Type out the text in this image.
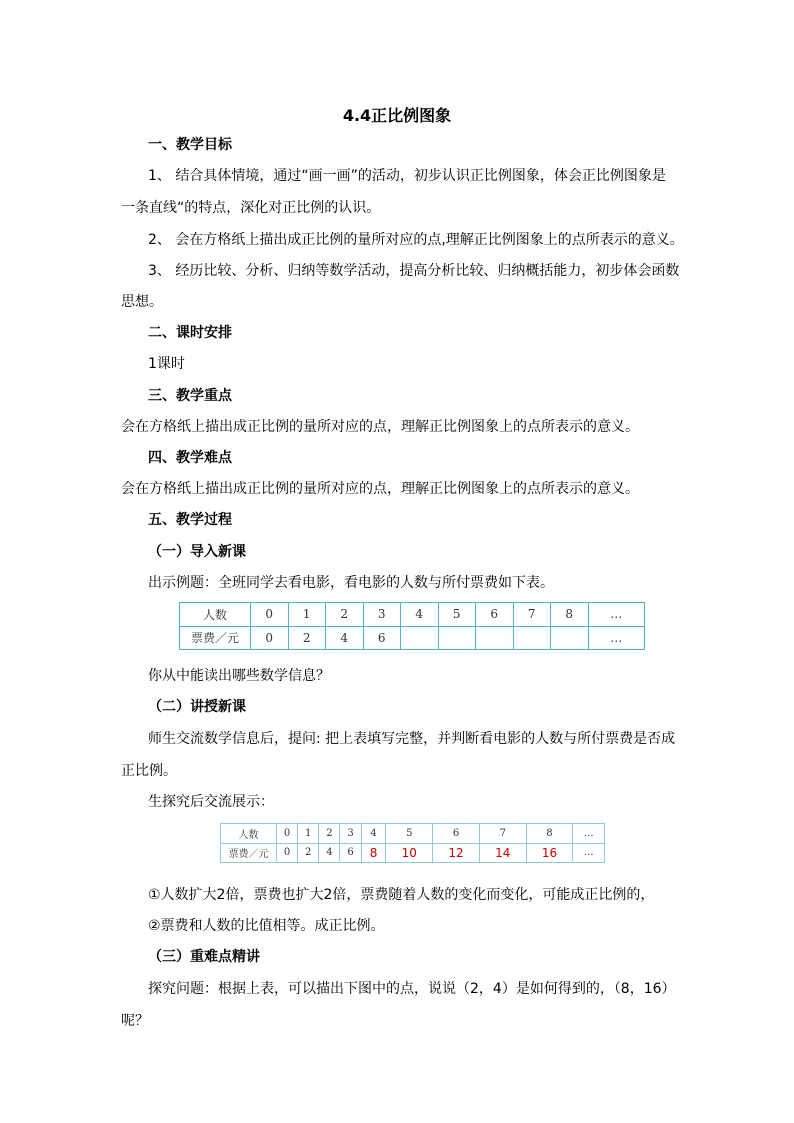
4.4正比例图象
一、教学目标
1、 结合具体情境，通过“画一画”的活动，初步认识正比例图象，体会正比例图象是
一条直线“的特点，深化对正比例的认识。
2、 会在方格纸上描出成正比例的量所对应的点,理解正比例图象上的点所表示的意义。
3、 经历比较、分析、归纳等数学活动，提高分析比较、归纳概括能力，初步体会函数
思想。
二、课时安排
1课时
三、教学重点
会在方格纸上描出成正比例的量所对应的点，理解正比例图象上的点所表示的意义。
四、教学难点
会在方格纸上描出成正比例的量所对应的点，理解正比例图象上的点所表示的意义。
五、教学过程
（一）导入新课
出示例题：全班同学去看电影，看电影的人数与所付票费如下表。
人数	0	1	2	3	4	5	6	7	8	…
票费／元	0	2	4	6						…
你从中能读出哪些数学信息？
（二）讲授新课
师生交流数学信息后，提问: 把上表填写完整，并判断看电影的人数与所付票费是否成
正比例。
生探究后交流展示：
人数	0	1	2	3	4	5	6	7	8	…
票费／元	0	2	4	6	8	10	12	14	16	…
①人数扩大2倍，票费也扩大2倍，票费随着人数的变化而变化，可能成正比例的，
②票费和人数的比值相等。成正比例。
（三）重难点精讲
探究问题：根据上表，可以描出下图中的点，说说（2，4）是如何得到的，（8，16）
呢？
